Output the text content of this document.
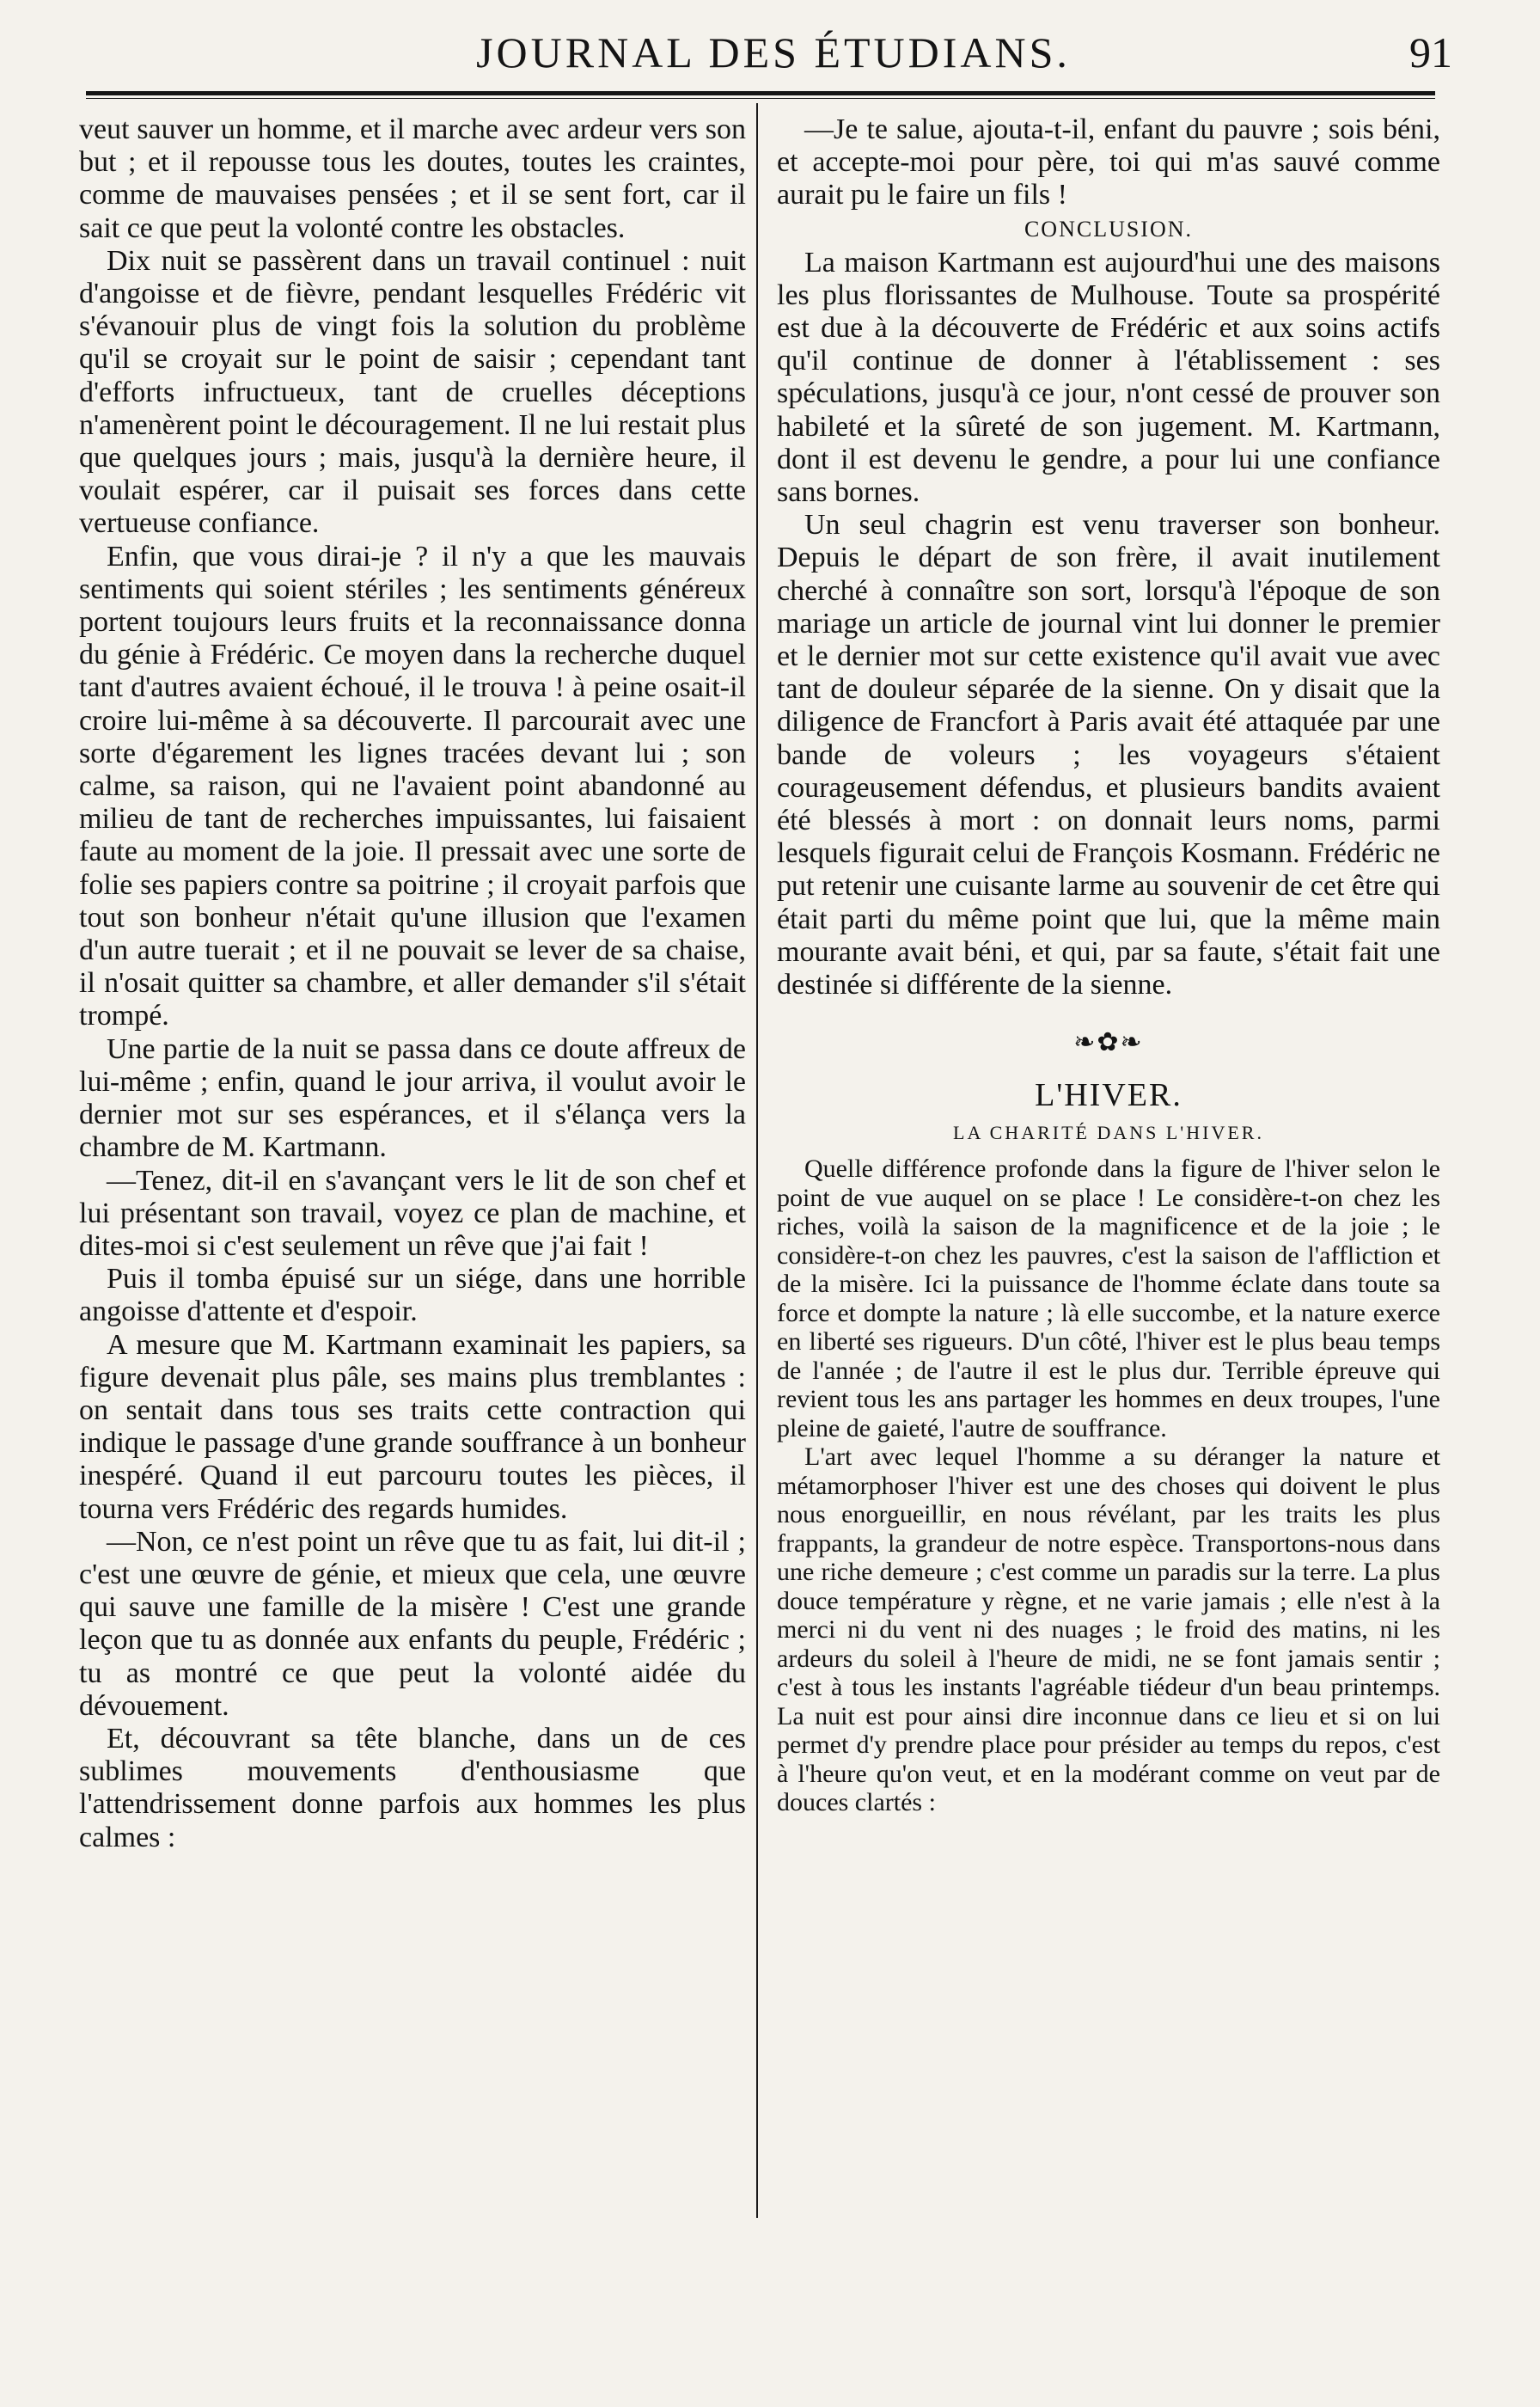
JOURNAL DES ÉTUDIANS.	91

veut sauver un homme, et il marche avec ardeur vers son but ; et il repousse tous les doutes, toutes les craintes, comme de mauvaises pensées ; et il se sent fort, car il sait ce que peut la volonté contre les obstacles.

Dix nuit se passèrent dans un travail continuel : nuit d'angoisse et de fièvre, pendant lesquelles Frédéric vit s'évanouir plus de vingt fois la solution du problème qu'il se croyait sur le point de saisir ; cependant tant d'efforts infructueux, tant de cruelles déceptions n'amenèrent point le découragement. Il ne lui restait plus que quelques jours ; mais, jusqu'à la dernière heure, il voulait espérer, car il puisait ses forces dans cette vertueuse confiance.

Enfin, que vous dirai-je ? il n'y a que les mauvais sentiments qui soient stériles ; les sentiments généreux portent toujours leurs fruits et la reconnaissance donna du génie à Frédéric. Ce moyen dans la recherche duquel tant d'autres avaient échoué, il le trouva ! à peine osait-il croire lui-même à sa découverte. Il parcourait avec une sorte d'égarement les lignes tracées devant lui ; son calme, sa raison, qui ne l'avaient point abandonné au milieu de tant de recherches impuissantes, lui faisaient faute au moment de la joie. Il pressait avec une sorte de folie ses papiers contre sa poitrine ; il croyait parfois que tout son bonheur n'était qu'une illusion que l'examen d'un autre tuerait ; et il ne pouvait se lever de sa chaise, il n'osait quitter sa chambre, et aller demander s'il s'était trompé.

Une partie de la nuit se passa dans ce doute affreux de lui-même ; enfin, quand le jour arriva, il voulut avoir le dernier mot sur ses espérances, et il s'élança vers la chambre de M. Kartmann.

—Tenez, dit-il en s'avançant vers le lit de son chef et lui présentant son travail, voyez ce plan de machine, et dites-moi si c'est seulement un rêve que j'ai fait !

Puis il tomba épuisé sur un siége, dans une horrible angoisse d'attente et d'espoir.

A mesure que M. Kartmann examinait les papiers, sa figure devenait plus pâle, ses mains plus tremblantes : on sentait dans tous ses traits cette contraction qui indique le passage d'une grande souffrance à un bonheur inespéré. Quand il eut parcouru toutes les pièces, il tourna vers Frédéric des regards humides.

—Non, ce n'est point un rêve que tu as fait, lui dit-il ; c'est une œuvre de génie, et mieux que cela, une œuvre qui sauve une famille de la misère ! C'est une grande leçon que tu as donnée aux enfants du peuple, Frédéric ; tu as montré ce que peut la volonté aidée du dévouement.

Et, découvrant sa tête blanche, dans un de ces sublimes mouvements d'enthousiasme que l'attendrissement donne parfois aux hommes les plus calmes :

—Je te salue, ajouta-t-il, enfant du pauvre ; sois béni, et accepte-moi pour père, toi qui m'as sauvé comme aurait pu le faire un fils !

CONCLUSION.

La maison Kartmann est aujourd'hui une des maisons les plus florissantes de Mulhouse. Toute sa prospérité est due à la découverte de Frédéric et aux soins actifs qu'il continue de donner à l'établissement : ses spéculations, jusqu'à ce jour, n'ont cessé de prouver son habileté et la sûreté de son jugement. M. Kartmann, dont il est devenu le gendre, a pour lui une confiance sans bornes.

Un seul chagrin est venu traverser son bonheur. Depuis le départ de son frère, il avait inutilement cherché à connaître son sort, lorsqu'à l'époque de son mariage un article de journal vint lui donner le premier et le dernier mot sur cette existence qu'il avait vue avec tant de douleur séparée de la sienne. On y disait que la diligence de Francfort à Paris avait été attaquée par une bande de voleurs ; les voyageurs s'étaient courageusement défendus, et plusieurs bandits avaient été blessés à mort : on donnait leurs noms, parmi lesquels figurait celui de François Kosmann. Frédéric ne put retenir une cuisante larme au souvenir de cet être qui était parti du même point que lui, que la même main mourante avait béni, et qui, par sa faute, s'était fait une destinée si différente de la sienne.

❧✿❧
L'HIVER.
LA CHARITÉ DANS L'HIVER.

Quelle différence profonde dans la figure de l'hiver selon le point de vue auquel on se place ! Le considère-t-on chez les riches, voilà la saison de la magnificence et de la joie ; le considère-t-on chez les pauvres, c'est la saison de l'affliction et de la misère. Ici la puissance de l'homme éclate dans toute sa force et dompte la nature ; là elle succombe, et la nature exerce en liberté ses rigueurs. D'un côté, l'hiver est le plus beau temps de l'année ; de l'autre il est le plus dur. Terrible épreuve qui revient tous les ans partager les hommes en deux troupes, l'une pleine de gaieté, l'autre de souffrance.

L'art avec lequel l'homme a su déranger la nature et métamorphoser l'hiver est une des choses qui doivent le plus nous enorgueillir, en nous révélant, par les traits les plus frappants, la grandeur de notre espèce. Transportons-nous dans une riche demeure ; c'est comme un paradis sur la terre. La plus douce température y règne, et ne varie jamais ; elle n'est à la merci ni du vent ni des nuages ; le froid des matins, ni les ardeurs du soleil à l'heure de midi, ne se font jamais sentir ; c'est à tous les instants l'agréable tiédeur d'un beau printemps. La nuit est pour ainsi dire inconnue dans ce lieu et si on lui permet d'y prendre place pour présider au temps du repos, c'est à l'heure qu'on veut, et en la modérant comme on veut par de douces clartés :
